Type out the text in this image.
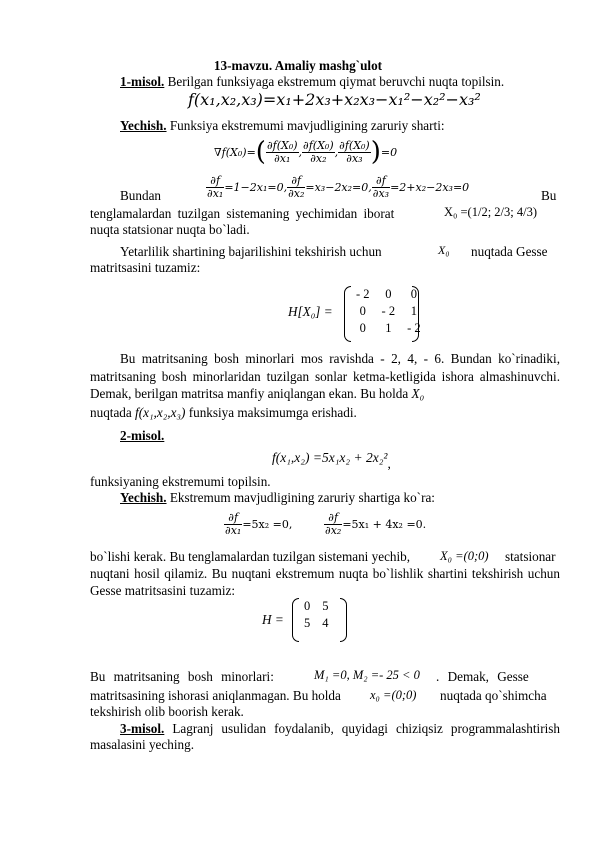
13-mavzu. Amaliy mashg`ulot
1-misol. Berilgan funksiyaga ekstremum qiymat beruvchi nuqta topilsin.
f(x₁,x₂,x₃)=x₁+2x₃+x₂x₃−x₁²−x₂²−x₃²
Yechish. Funksiya ekstremumi mavjudligining zaruriy sharti:
∇f(X₀)= ( $\frac{\text{∂f(X₀)}}{\text{∂x₁}}$ , $\frac{\text{∂f(X₀)}}{\text{∂x₂}}$ , $\frac{\text{∂f(X₀)}}{\text{∂x₃}}$ ) =0
Bundan	$\frac{\partial f}{\text{∂x₁}} =1-2x_1=0$, $\frac{\partial f}{\text{∂x₂}} =x_3-2x_2=0$, $\frac{\partial f}{\text{∂x₃}} =2+x_2-2x_3=0$
Bu
tenglamalardan tuzilgan sistemaning yechimidan iborat	X₀ =(1/2; 2/3; 4/3)
nuqta statsionar nuqta bo`ladi.
Yetarlilik shartining bajarilishini tekshirish uchun	X₀ nuqtada Gesse
matritsasini tuzamiz:
H[X₀] =
- 2	0	0
0	- 2	1
0	1	- 2
Bu matritsaning bosh minorlari mos ravishda - 2, 4, - 6. Bundan ko`rinadiki, matritsaning bosh minorlaridan tuzilgan sonlar ketma-ketligida ishora almashinuvchi. Demak, berilgan matritsa manfiy aniqlangan ekan. Bu holda X₀
nuqtada f(x₁,x₂,x₃) funksiya maksimumga erishadi.
2-misol.
f(x₁,x₂) =5x₁x₂ + 2x₂²,
funksiyaning ekstremumi topilsin.
Yechish. Ekstremum mavjudligining zaruriy shartiga ko`ra:
$\frac{\partial f}{\text{∂x₁}} =5x_2 =0$,	$\frac{\partial f}{\text{∂x₂}} =5x_1 + 4x_2 =0$.
bo`lishi kerak. Bu tenglamalardan tuzilgan sistemani yechib, X₀ =(0;0) statsionar
nuqtani hosil qilamiz. Bu nuqtani ekstremum nuqta bo`lishlik shartini tekshirish uchun Gesse matritsasini tuzamiz:
H =
0	5
5	4
Bu matritsaning bosh minorlari:	M₁ =0, M₂ =- 25 < 0 . Demak, Gesse
matritsasining ishorasi aniqlanmagan. Bu holda x₀ =(0;0) nuqtada qo`shimcha
tekshirish olib boorish kerak.
3-misol. Lagranj usulidan foydalanib, quyidagi chiziqsiz programmalashtirish masalasini yeching.
